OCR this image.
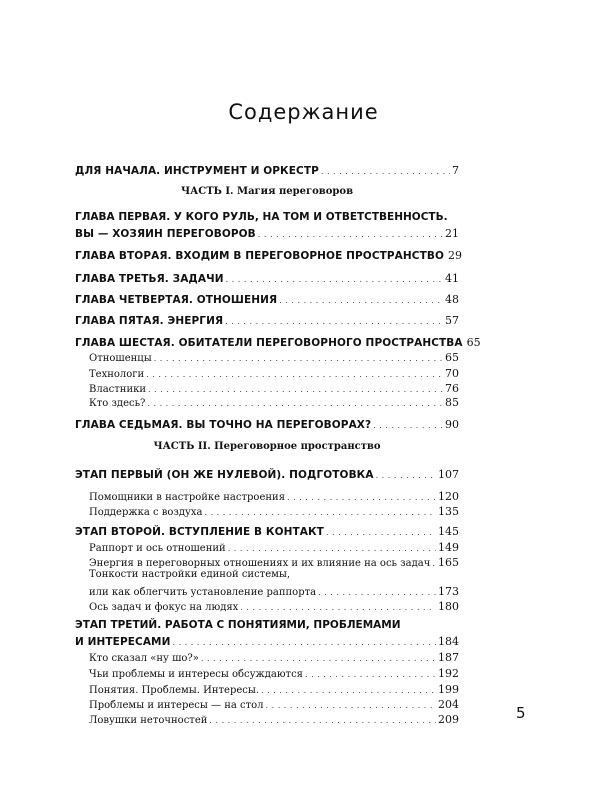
Содержание
ДЛЯ НАЧАЛА. ИНСТРУМЕНТ И ОРКЕСТР . . .	7
ЧАСТЬ I. Магия переговоров
ГЛАВА ПЕРВАЯ. У КОГО РУЛЬ, НА ТОМ И ОТВЕТСТВЕННОСТЬ.
ВЫ — ХОЗЯИН ПЕРЕГОВОРОВ . . .	21
ГЛАВА ВТОРАЯ. ВХОДИМ В ПЕРЕГОВОРНОЕ ПРОСТРАНСТВО 29
ГЛАВА ТРЕТЬЯ. ЗАДАЧИ . . .	41
ГЛАВА ЧЕТВЕРТАЯ. ОТНОШЕНИЯ . . .	48
ГЛАВА ПЯТАЯ. ЭНЕРГИЯ . . .	57
ГЛАВА ШЕСТАЯ. ОБИТАТЕЛИ ПЕРЕГОВОРНОГО ПРОСТРАНСТВА 65
Отношенцы . . .	65
Технологи . . .	70
Властники . . .	76
Кто здесь? . . .	85
ГЛАВА СЕДЬМАЯ. ВЫ ТОЧНО НА ПЕРЕГОВОРАХ? . . .	90
ЧАСТЬ II. Переговорное пространство
ЭТАП ПЕРВЫЙ (ОН ЖЕ НУЛЕВОЙ). ПОДГОТОВКА . . .	107
Помощники в настройке настроения . . .	120
Поддержка с воздуха . . .	135
ЭТАП ВТОРОЙ. ВСТУПЛЕНИЕ В КОНТАКТ . . .	145
Раппорт и ось отношений . . .	149
Энергия в переговорных отношениях и их влияние на ось задач . . . 165
Тонкости настройки единой системы,
или как облегчить установление раппорта . . .	173
Ось задач и фокус на людях . . .	180
ЭТАП ТРЕТИЙ. РАБОТА С ПОНЯТИЯМИ, ПРОБЛЕМАМИ
И ИНТЕРЕСАМИ . . .	184
Кто сказал «ну шо?» . . .	187
Чьи проблемы и интересы обсуждаются . . .	192
Понятия. Проблемы. Интересы. . . .	199
Проблемы и интересы — на стол . . .	204
Ловушки неточностей . . .	209	5
